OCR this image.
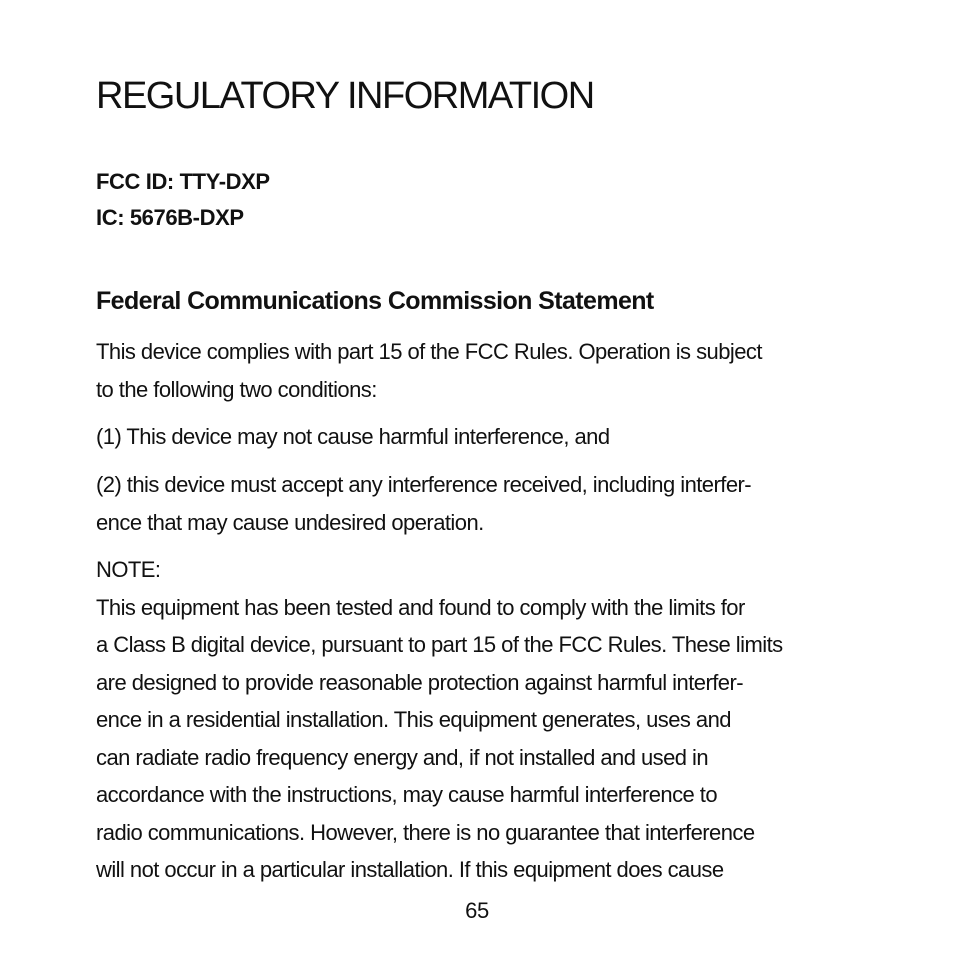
REGULATORY INFORMATION
FCC ID: TTY-DXP
IC: 5676B-DXP
Federal Communications Commission Statement

This device complies with part 15 of the FCC Rules. Operation is subject
to the following two conditions:

(1) This device may not cause harmful interference, and

(2) this device must accept any interference received, including interfer-
ence that may cause undesired operation.

NOTE:
This equipment has been tested and found to comply with the limits for
a Class B digital device, pursuant to part 15 of the FCC Rules. These limits
are designed to provide reasonable protection against harmful interfer-
ence in a residential installation. This equipment generates, uses and
can radiate radio frequency energy and, if not installed and used in
accordance with the instructions, may cause harmful interference to
radio communications. However, there is no guarantee that interference
will not occur in a particular installation. If this equipment does cause

65
